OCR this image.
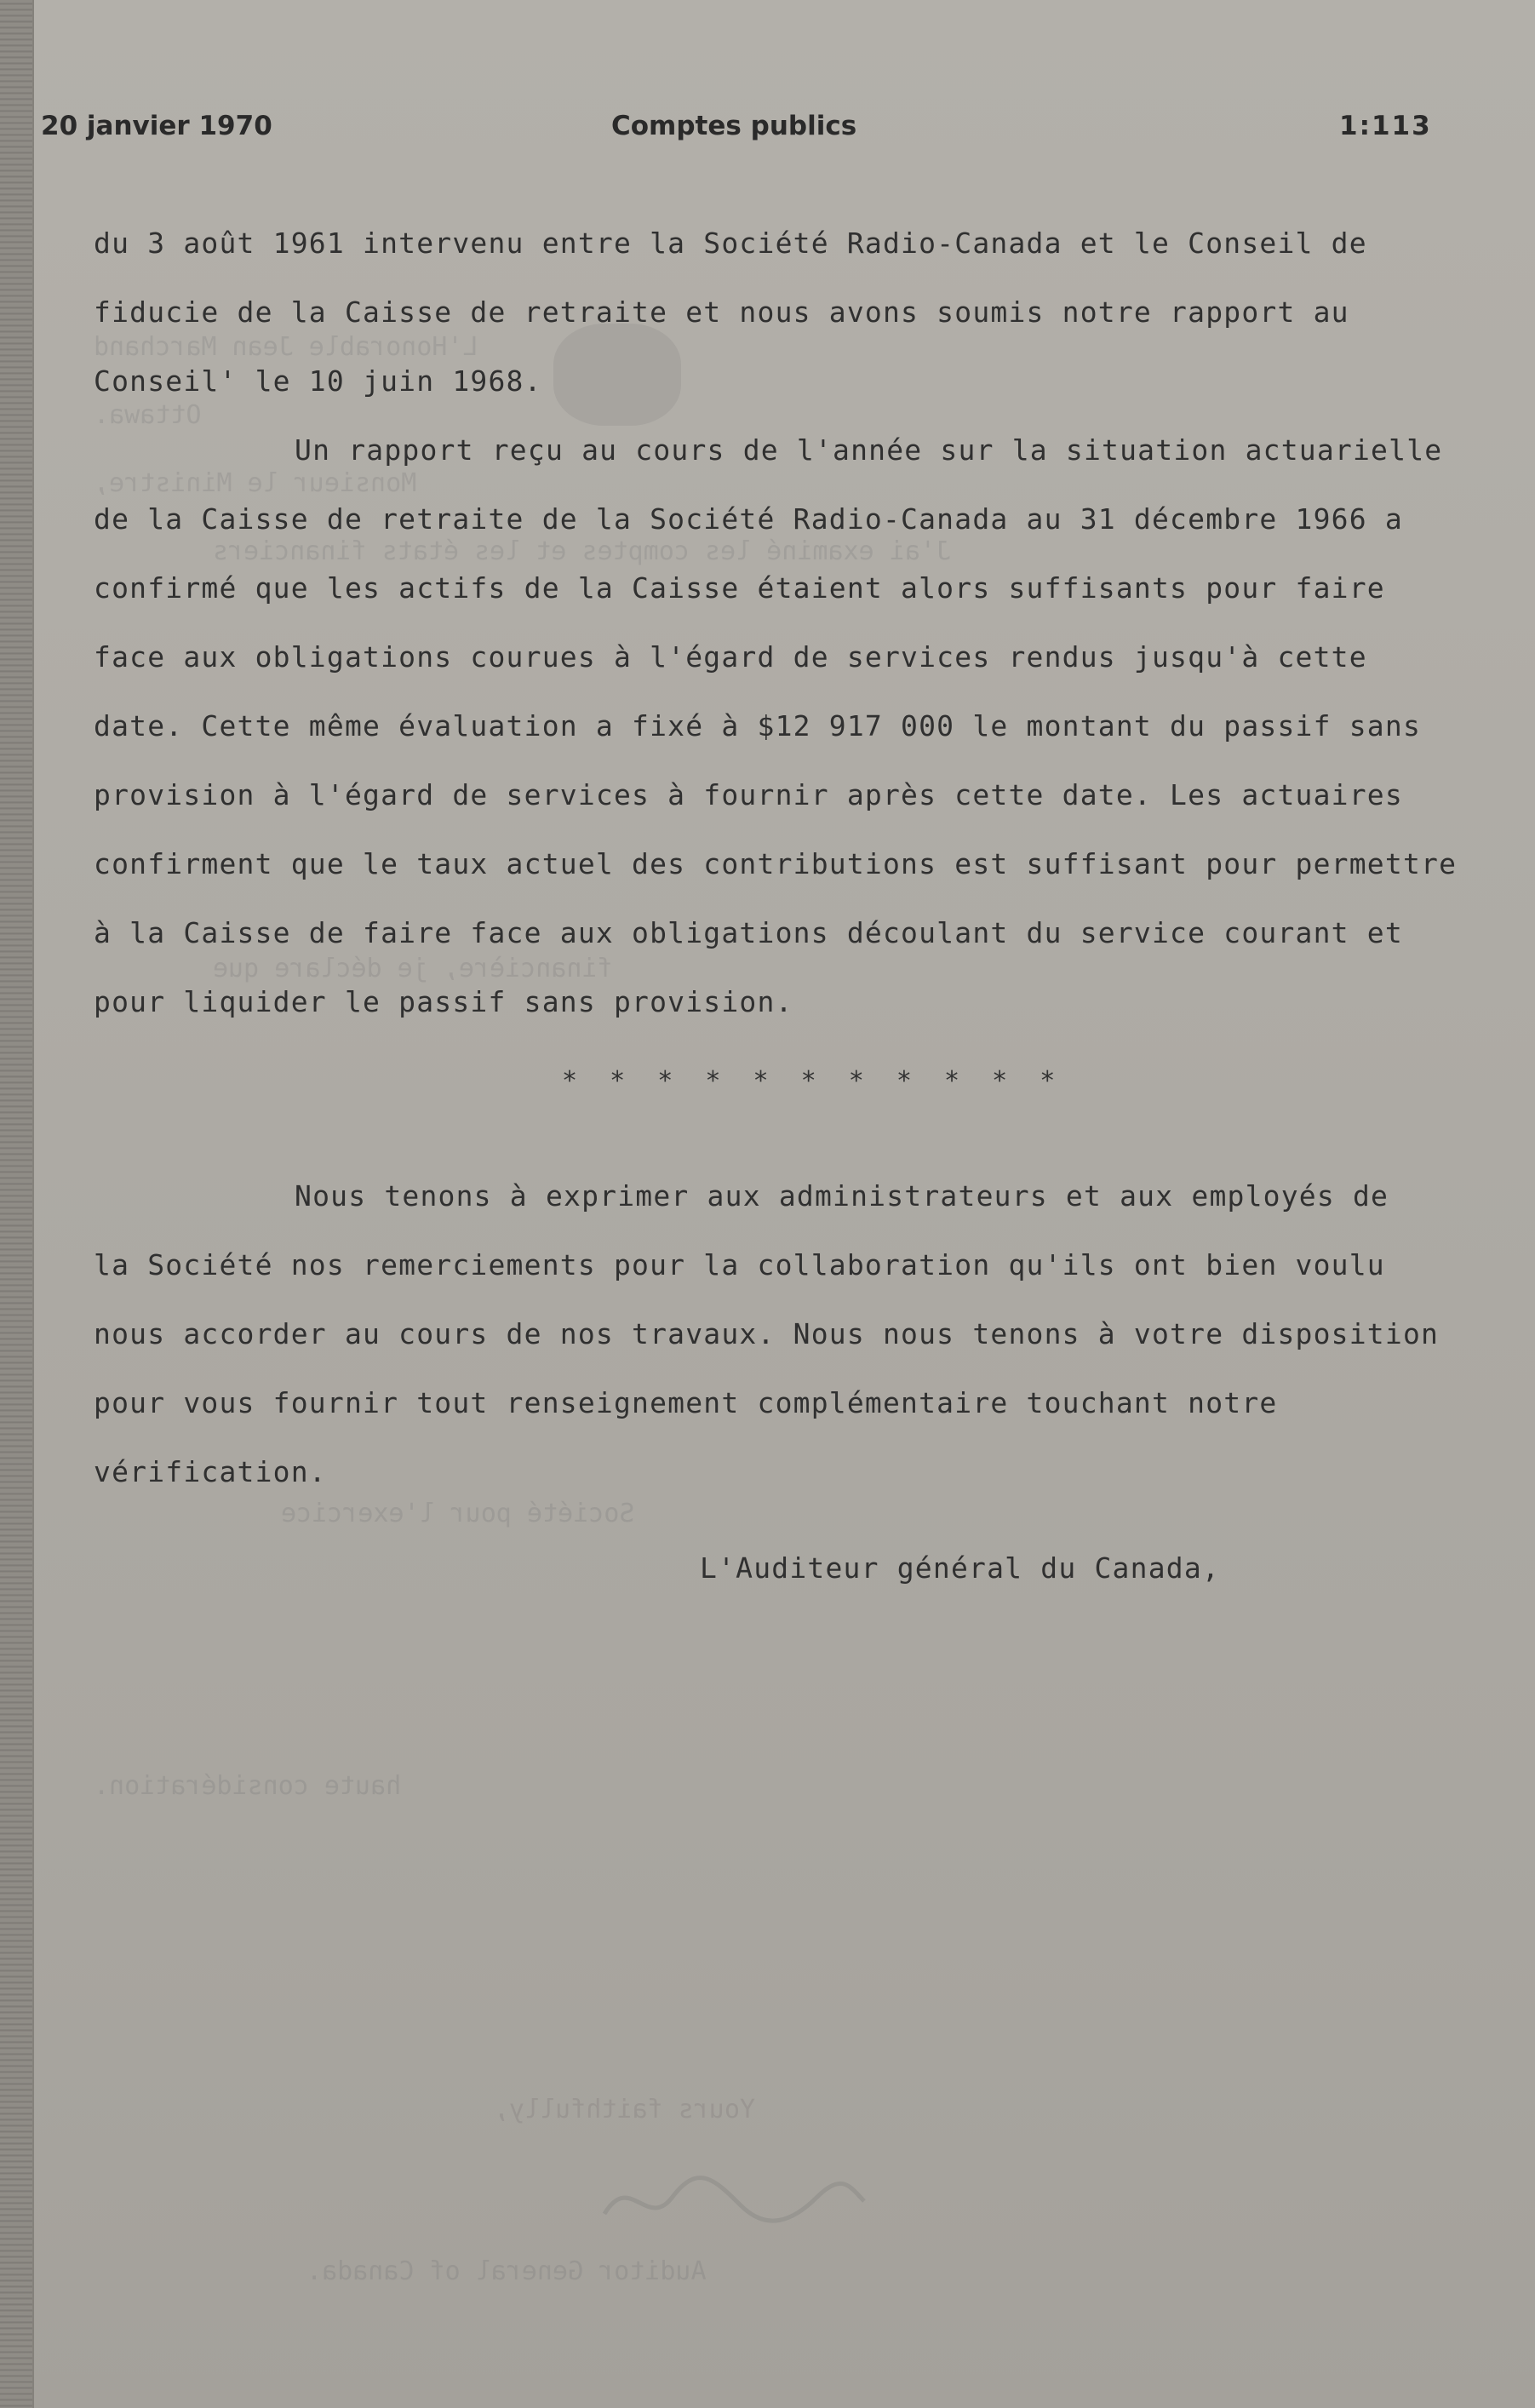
L'Honorable Jean Marchand
Ottawa.
Monsieur le Ministre,
J'ai examiné les comptes et les états financiers
financière, je déclare que
Société pour l'exercice
haute considération.
Yours faithfully,
Auditor General of Canada.
20 janvier 1970	Comptes publics	1:113
du 3 août 1961 intervenu entre la Société Radio-Canada et le Conseil de
fiducie de la Caisse de retraite et nous avons soumis notre rapport au
Conseil' le 10 juin 1968.
Un rapport reçu au cours de l'année sur la situation actuarielle
de la Caisse de retraite de la Société Radio-Canada au 31 décembre 1966 a
confirmé que les actifs de la Caisse étaient alors suffisants pour faire
face aux obligations courues à l'égard de services rendus jusqu'à cette
date. Cette même évaluation a fixé à $12 917 000 le montant du passif sans
provision à l'égard de services à fournir après cette date. Les actuaires
confirment que le taux actuel des contributions est suffisant pour permettre
à la Caisse de faire face aux obligations découlant du service courant et
pour liquider le passif sans provision.
* * * * * * * * * * *
Nous tenons à exprimer aux administrateurs et aux employés de
la Société nos remerciements pour la collaboration qu'ils ont bien voulu
nous accorder au cours de nos travaux. Nous nous tenons à votre disposition
pour vous fournir tout renseignement complémentaire touchant notre
vérification.
L'Auditeur général du Canada,
